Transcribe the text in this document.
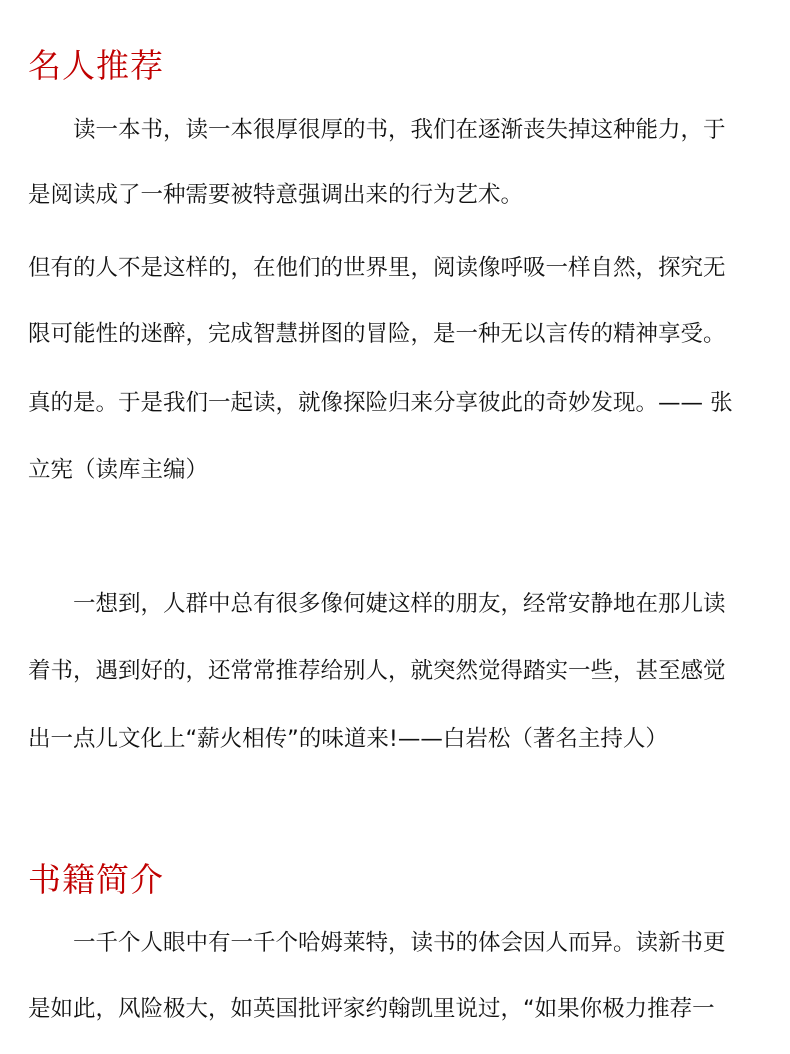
名人推荐

读一本书，读一本很厚很厚的书，我们在逐渐丧失掉这种能力，于

是阅读成了一种需要被特意强调出来的行为艺术。

但有的人不是这样的，在他们的世界里，阅读像呼吸一样自然，探究无

限可能性的迷醉，完成智慧拼图的冒险，是一种无以言传的精神享受。

真的是。于是我们一起读，就像探险归来分享彼此的奇妙发现。—— 张

立宪（读库主编）

一想到，人群中总有很多像何婕这样的朋友，经常安静地在那儿读

着书，遇到好的，还常常推荐给别人，就突然觉得踏实一些，甚至感觉

出一点儿文化上“薪火相传”的味道来!——白岩松（著名主持人）

书籍简介

一千个人眼中有一千个哈姆莱特，读书的体会因人而异。读新书更

是如此，风险极大，如英国批评家约翰凯里说过，“如果你极力推荐一
